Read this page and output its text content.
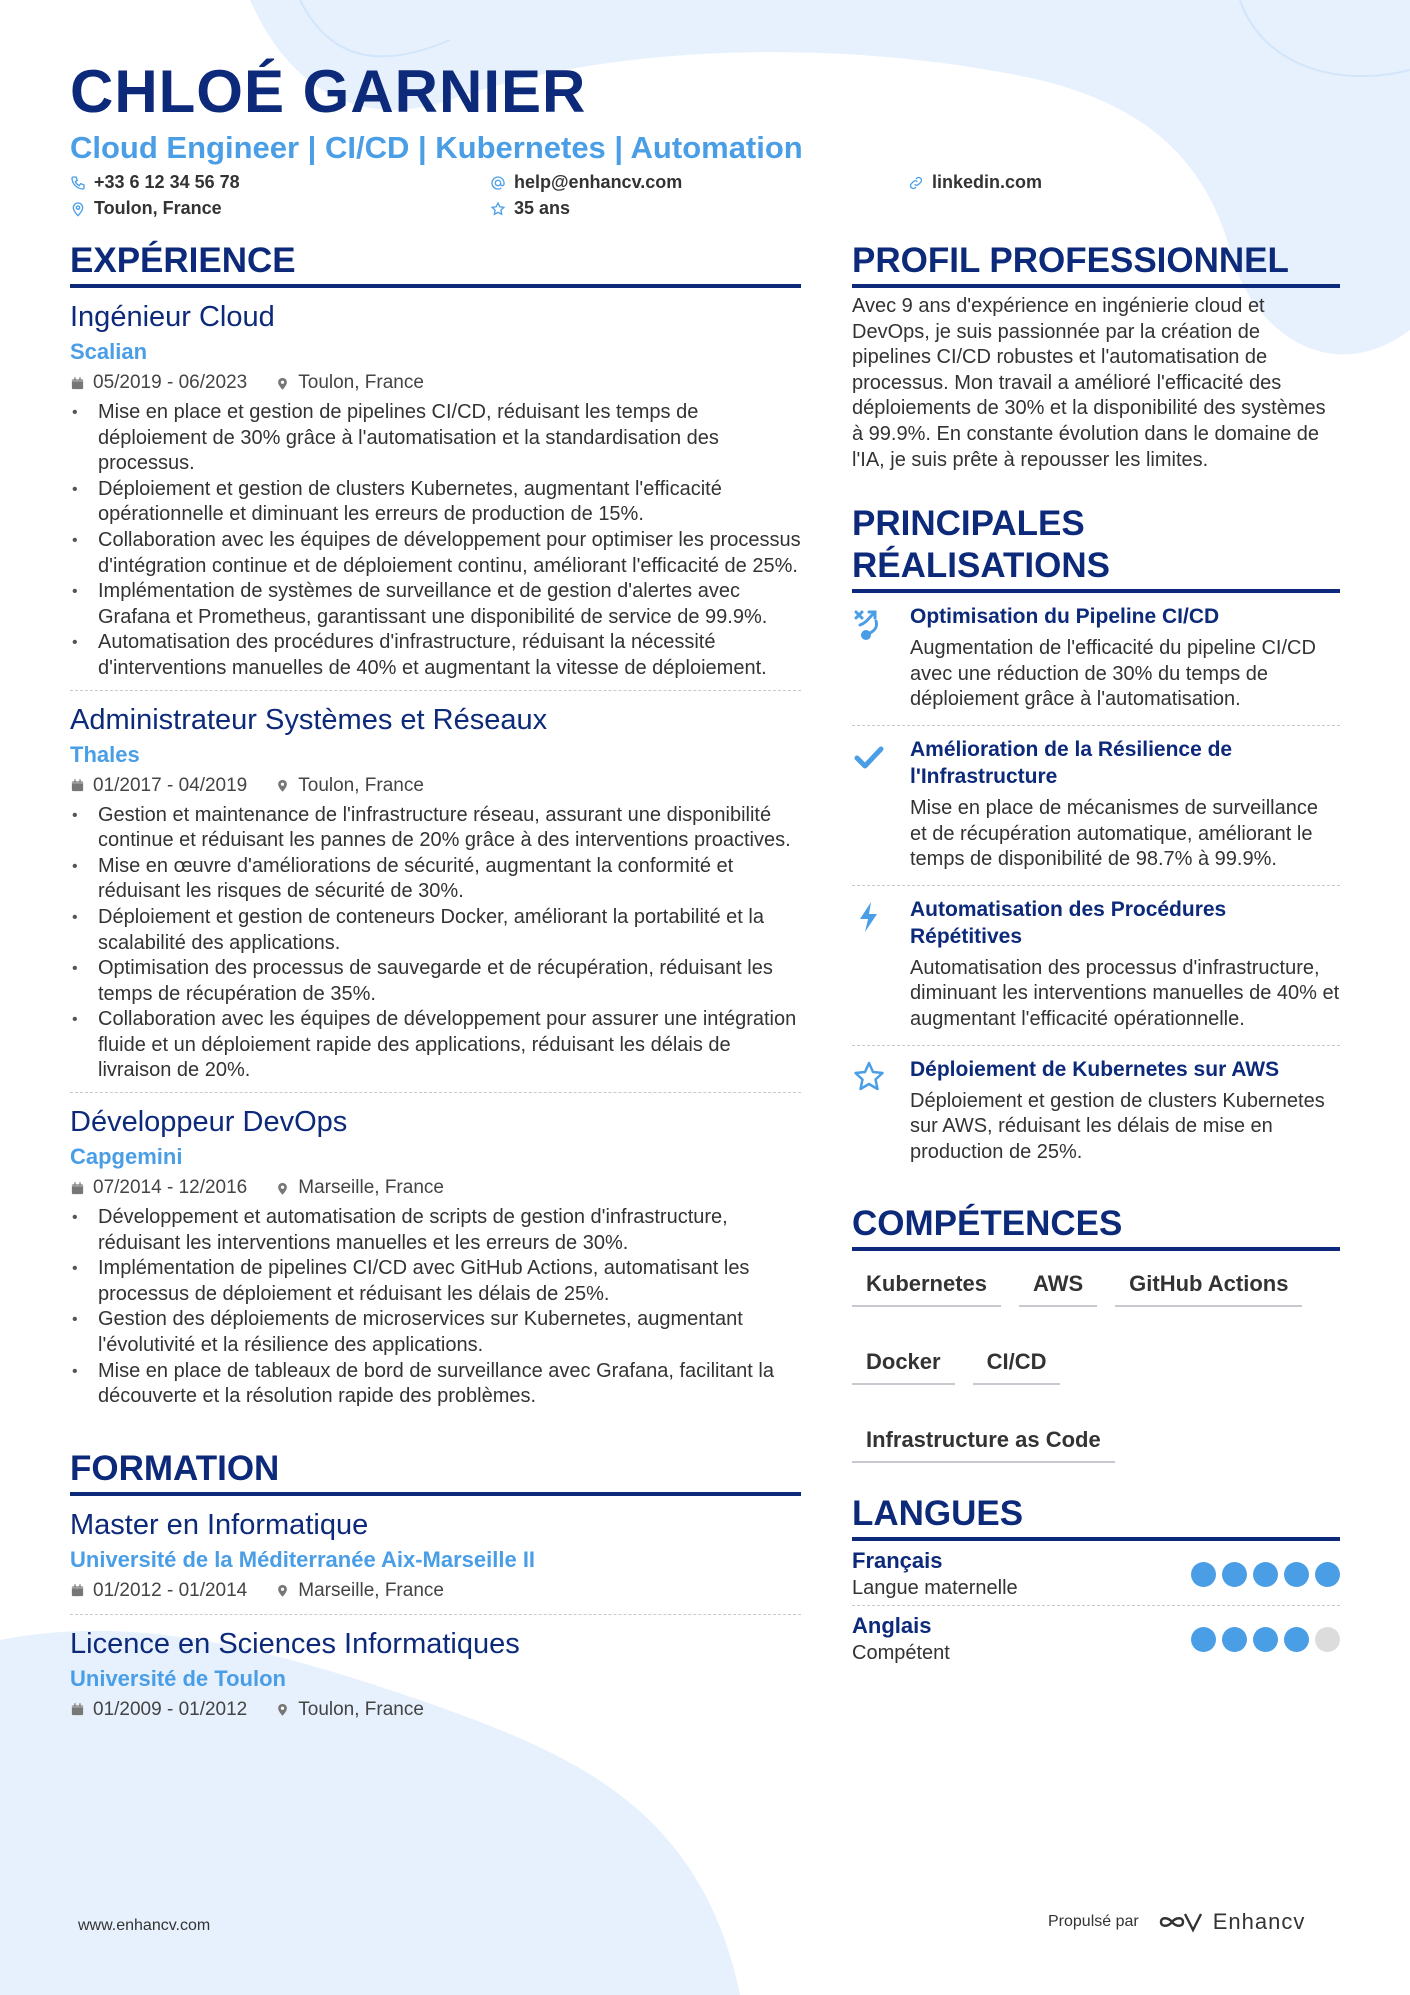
CHLOÉ GARNIER
Cloud Engineer | CI/CD | Kubernetes | Automation
+33 6 12 34 56 78	help@enhancv.com	linkedin.com
Toulon, France	35 ans
EXPÉRIENCE
Ingénieur Cloud
Scalian
05/2019 - 06/2023	Toulon, France
• Mise en place et gestion de pipelines CI/CD, réduisant les temps de déploiement de 30% grâce à l'automatisation et la standardisation des processus.
• Déploiement et gestion de clusters Kubernetes, augmentant l'efficacité opérationnelle et diminuant les erreurs de production de 15%.
• Collaboration avec les équipes de développement pour optimiser les processus d'intégration continue et de déploiement continu, améliorant l'efficacité de 25%.
• Implémentation de systèmes de surveillance et de gestion d'alertes avec Grafana et Prometheus, garantissant une disponibilité de service de 99.9%.
• Automatisation des procédures d'infrastructure, réduisant la nécessité d'interventions manuelles de 40% et augmentant la vitesse de déploiement.
Administrateur Systèmes et Réseaux
Thales
01/2017 - 04/2019	Toulon, France
• Gestion et maintenance de l'infrastructure réseau, assurant une disponibilité continue et réduisant les pannes de 20% grâce à des interventions proactives.
• Mise en œuvre d'améliorations de sécurité, augmentant la conformité et réduisant les risques de sécurité de 30%.
• Déploiement et gestion de conteneurs Docker, améliorant la portabilité et la scalabilité des applications.
• Optimisation des processus de sauvegarde et de récupération, réduisant les temps de récupération de 35%.
• Collaboration avec les équipes de développement pour assurer une intégration fluide et un déploiement rapide des applications, réduisant les délais de livraison de 20%.
Développeur DevOps
Capgemini
07/2014 - 12/2016	Marseille, France
• Développement et automatisation de scripts de gestion d'infrastructure, réduisant les interventions manuelles et les erreurs de 30%.
• Implémentation de pipelines CI/CD avec GitHub Actions, automatisant les processus de déploiement et réduisant les délais de 25%.
• Gestion des déploiements de microservices sur Kubernetes, augmentant l'évolutivité et la résilience des applications.
• Mise en place de tableaux de bord de surveillance avec Grafana, facilitant la découverte et la résolution rapide des problèmes.
FORMATION
Master en Informatique
Université de la Méditerranée Aix-Marseille II
01/2012 - 01/2014	Marseille, France
Licence en Sciences Informatiques
Université de Toulon
01/2009 - 01/2012	Toulon, France
PROFIL PROFESSIONNEL
Avec 9 ans d'expérience en ingénierie cloud et DevOps, je suis passionnée par la création de pipelines CI/CD robustes et l'automatisation de processus. Mon travail a amélioré l'efficacité des déploiements de 30% et la disponibilité des systèmes à 99.9%. En constante évolution dans le domaine de l'IA, je suis prête à repousser les limites.
PRINCIPALES
RÉALISATIONS
Optimisation du Pipeline CI/CD
Augmentation de l'efficacité du pipeline CI/CD avec une réduction de 30% du temps de déploiement grâce à l'automatisation.
Amélioration de la Résilience de l'Infrastructure
Mise en place de mécanismes de surveillance et de récupération automatique, améliorant le temps de disponibilité de 98.7% à 99.9%.
Automatisation des Procédures Répétitives
Automatisation des processus d'infrastructure, diminuant les interventions manuelles de 40% et augmentant l'efficacité opérationnelle.
Déploiement de Kubernetes sur AWS
Déploiement et gestion de clusters Kubernetes sur AWS, réduisant les délais de mise en production de 25%.
COMPÉTENCES
Kubernetes	AWS	GitHub Actions
Docker	CI/CD
Infrastructure as Code
LANGUES
Français
Langue maternelle
Anglais
Compétent
www.enhancv.com	Propulsé par	Enhancv
